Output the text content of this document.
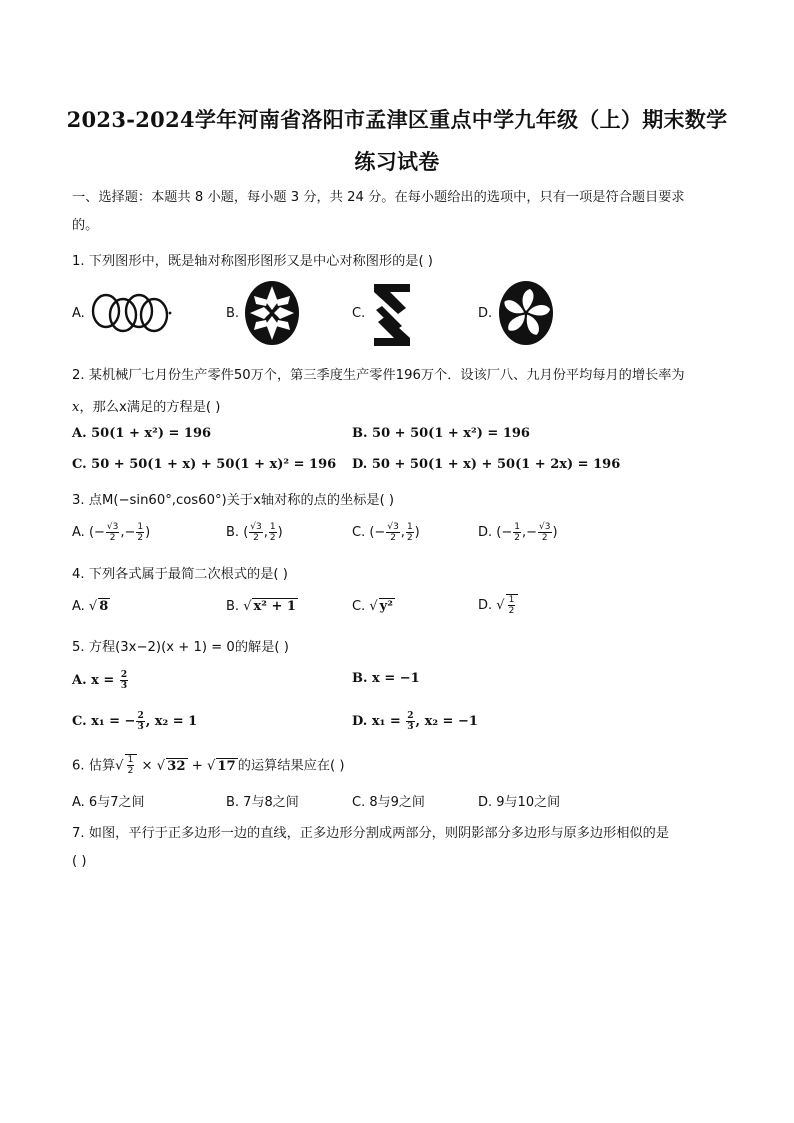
2023-2024学年河南省洛阳市孟津区重点中学九年级（上）期末数学
练习试卷
一、选择题：本题共 8 小题，每小题 3 分，共 24 分。在每小题给出的选项中，只有一项是符合题目要求
的。
1. 下列图形中，既是轴对称图形图形又是中心对称图形的是( )
A.	B.	C.	D.
2. 某机械厂七月份生产零件50万个，第三季度生产零件196万个．设该厂八、九月份平均每月的增长率为
x，那么x满足的方程是( )
A. 50(1 + x²) = 196	B. 50 + 50(1 + x²) = 196
C. 50 + 50(1 + x) + 50(1 + x)² = 196 D. 50 + 50(1 + x) + 50(1 + 2x) = 196
3. 点M(−sin60°,cos60°)关于x轴对称的点的坐标是( )
A. (− $\frac{√3}{2}$ ,− $\frac{1}{2}$ )	B. ( $\frac{√3}{2}$ , $\frac{1}{2}$ )	C. (− $\frac{√3}{2}$ , $\frac{1}{2}$ )	D. (− $\frac{1}{2}$ ,− $\frac{√3}{2}$ )
4. 下列各式属于最简二次根式的是( )
A. √ 8	B. √ x² + 1	C. √ y²	D. √ $\frac{1}{2}$
5. 方程(3x−2)(x + 1) = 0的解是( )
A. $x = \frac{2}{3}$	B. x = −1
C. x₁ = − $\frac{2}{3}$ , x₂ = 1	D. $x_1 = \frac{2}{3}$ , x₂ = −1
6. 估算√ $\frac{1}{2}$ × √ 32 + √ 17 的运算结果应在( )
A. 6与7之间	B. 7与8之间	C. 8与9之间	D. 9与10之间
7. 如图，平行于正多边形一边的直线，正多边形分割成两部分，则阴影部分多边形与原多边形相似的是
( )
